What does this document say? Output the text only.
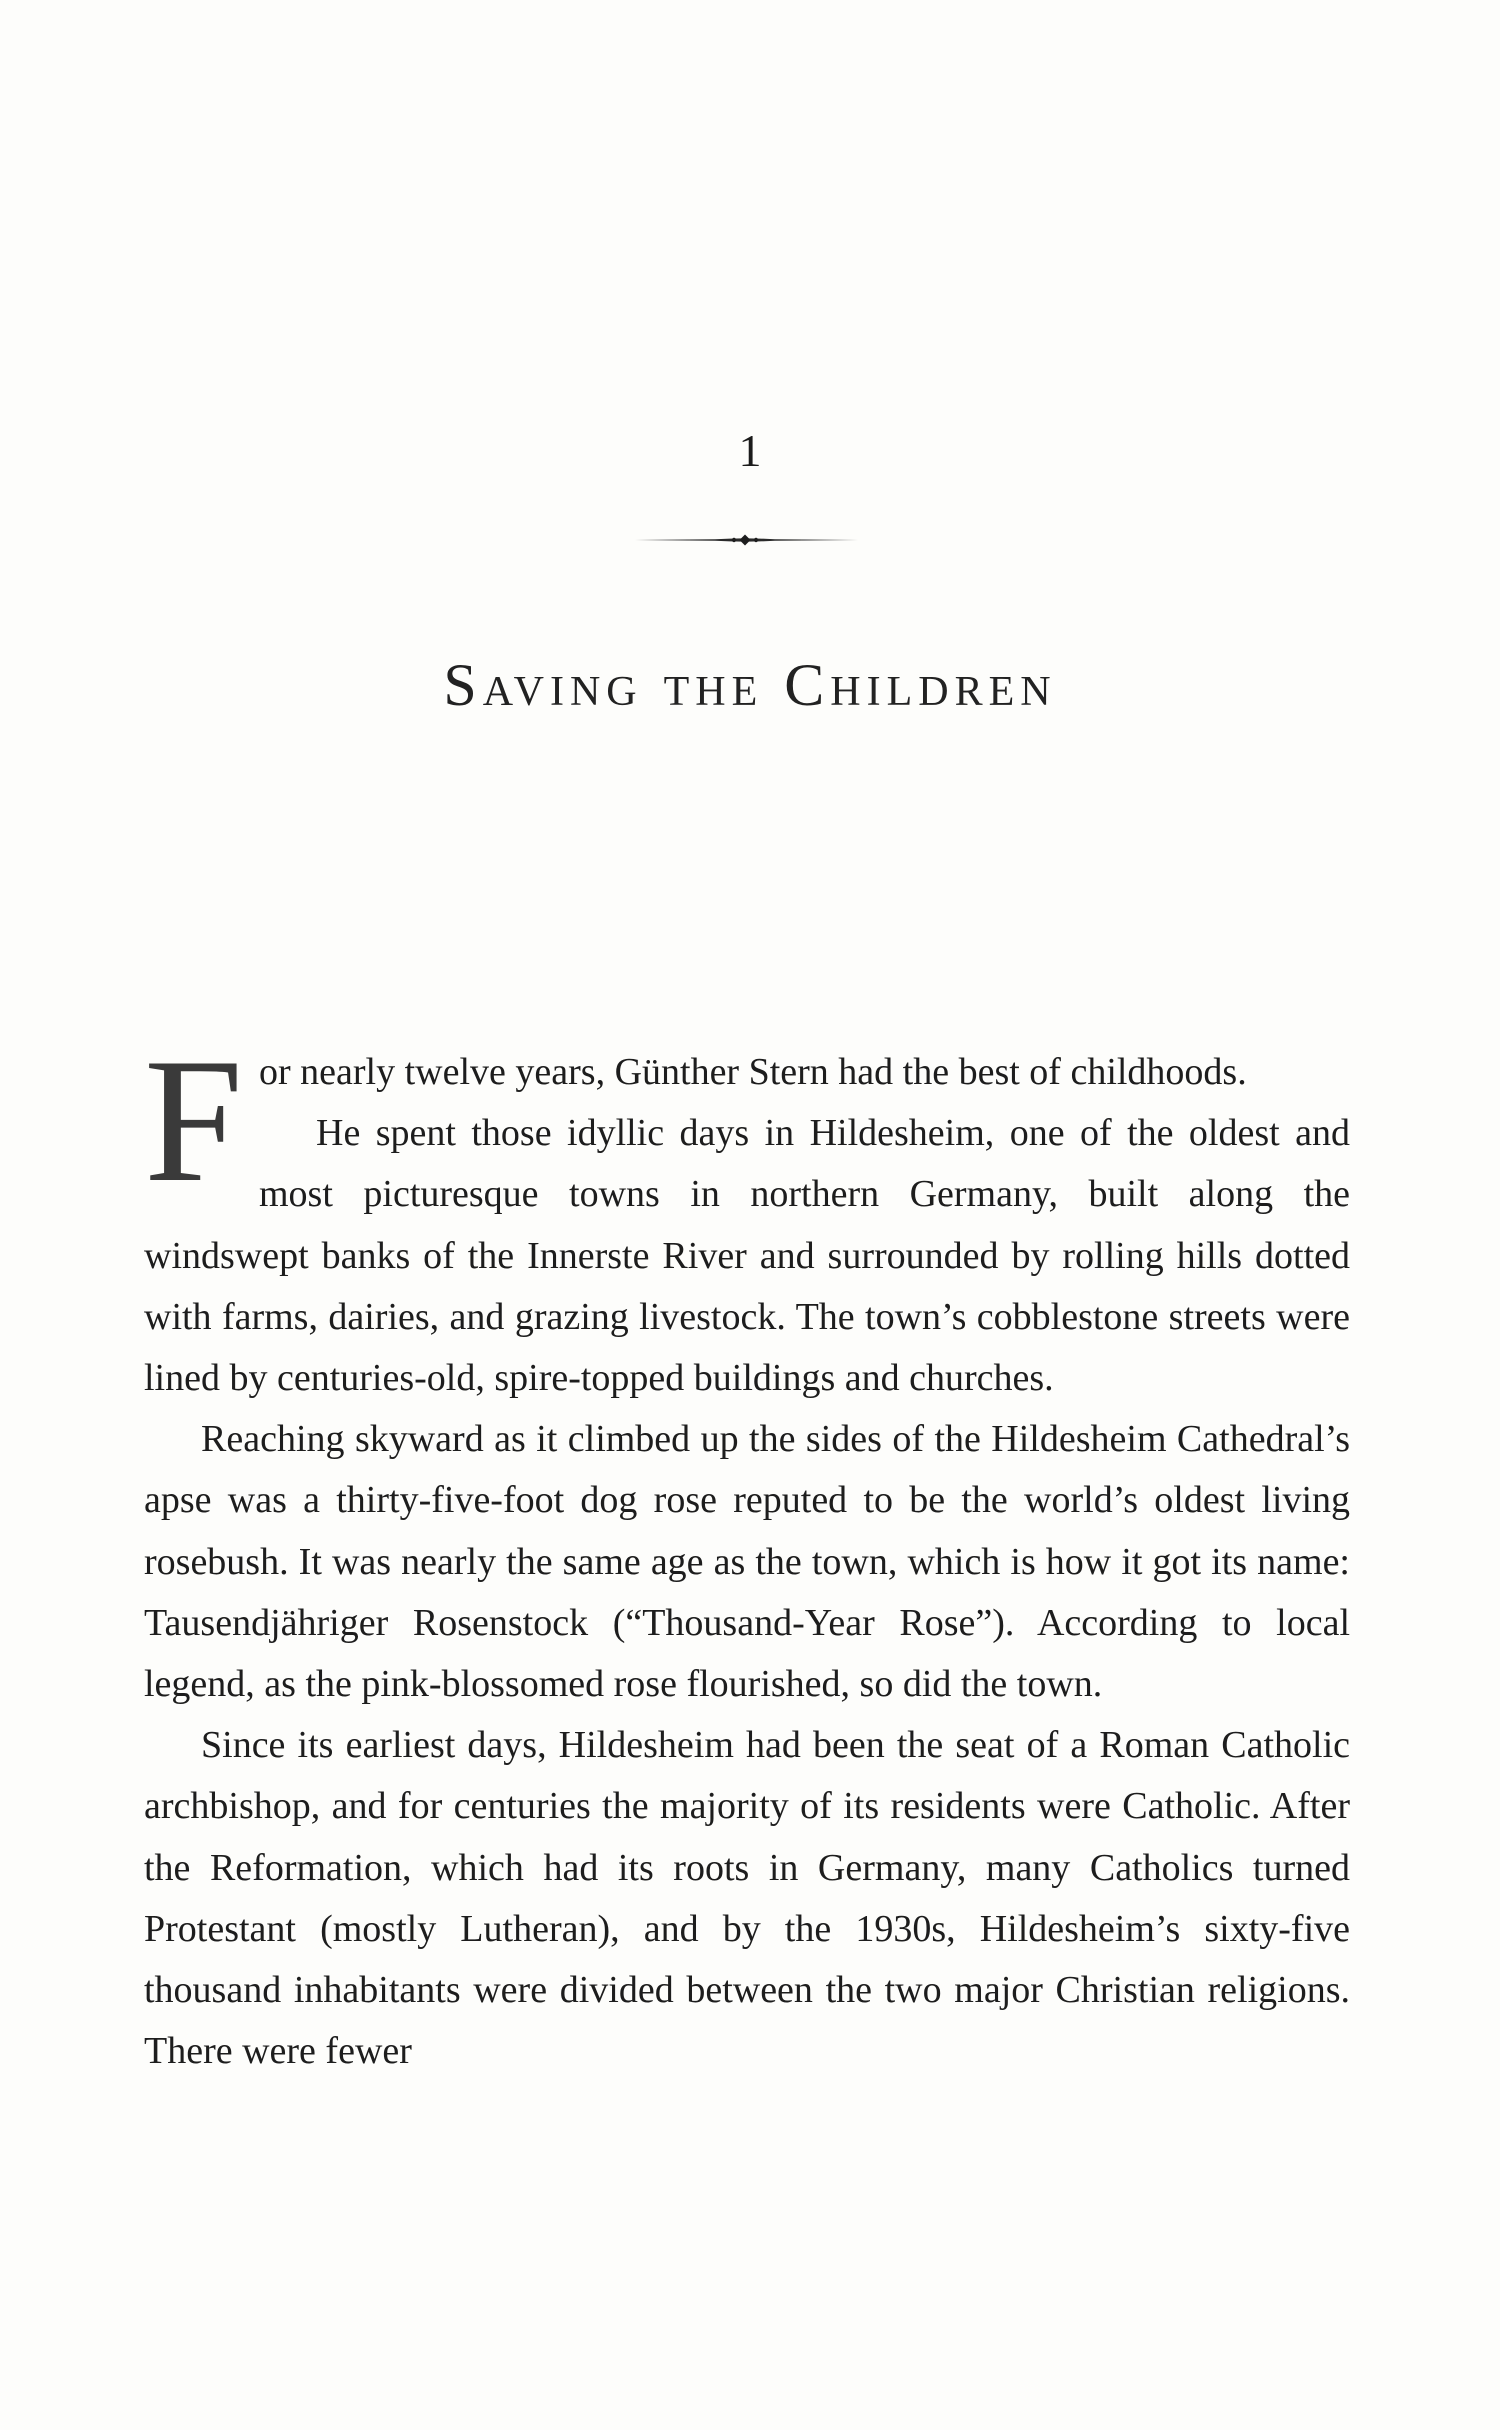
1
Saving the Children

F or nearly twelve years, Günther Stern had the best of childhoods.
He spent those idyllic days in Hildesheim, one of the oldest and most picturesque towns in northern Germany, built along the windswept banks of the Innerste River and surrounded by rolling hills dotted with farms, dairies, and grazing livestock. The town’s cobblestone streets were lined by centuries-old, spire-topped buildings and churches.

Reaching skyward as it climbed up the sides of the Hildesheim Cathedral’s apse was a thirty-five-foot dog rose reputed to be the world’s oldest living rosebush. It was nearly the same age as the town, which is how it got its name: Tausendjähriger Rosenstock (“Thousand-Year Rose”). According to local legend, as the pink-blossomed rose flourished, so did the town.

Since its earliest days, Hildesheim had been the seat of a Roman Catholic archbishop, and for centuries the majority of its residents were Catholic. After the Reformation, which had its roots in Germany, many Catholics turned Protestant (mostly Lutheran), and by the 1930s, Hildesheim’s sixty-five thousand inhabitants were divided between the two major Christian religions. There were fewer
